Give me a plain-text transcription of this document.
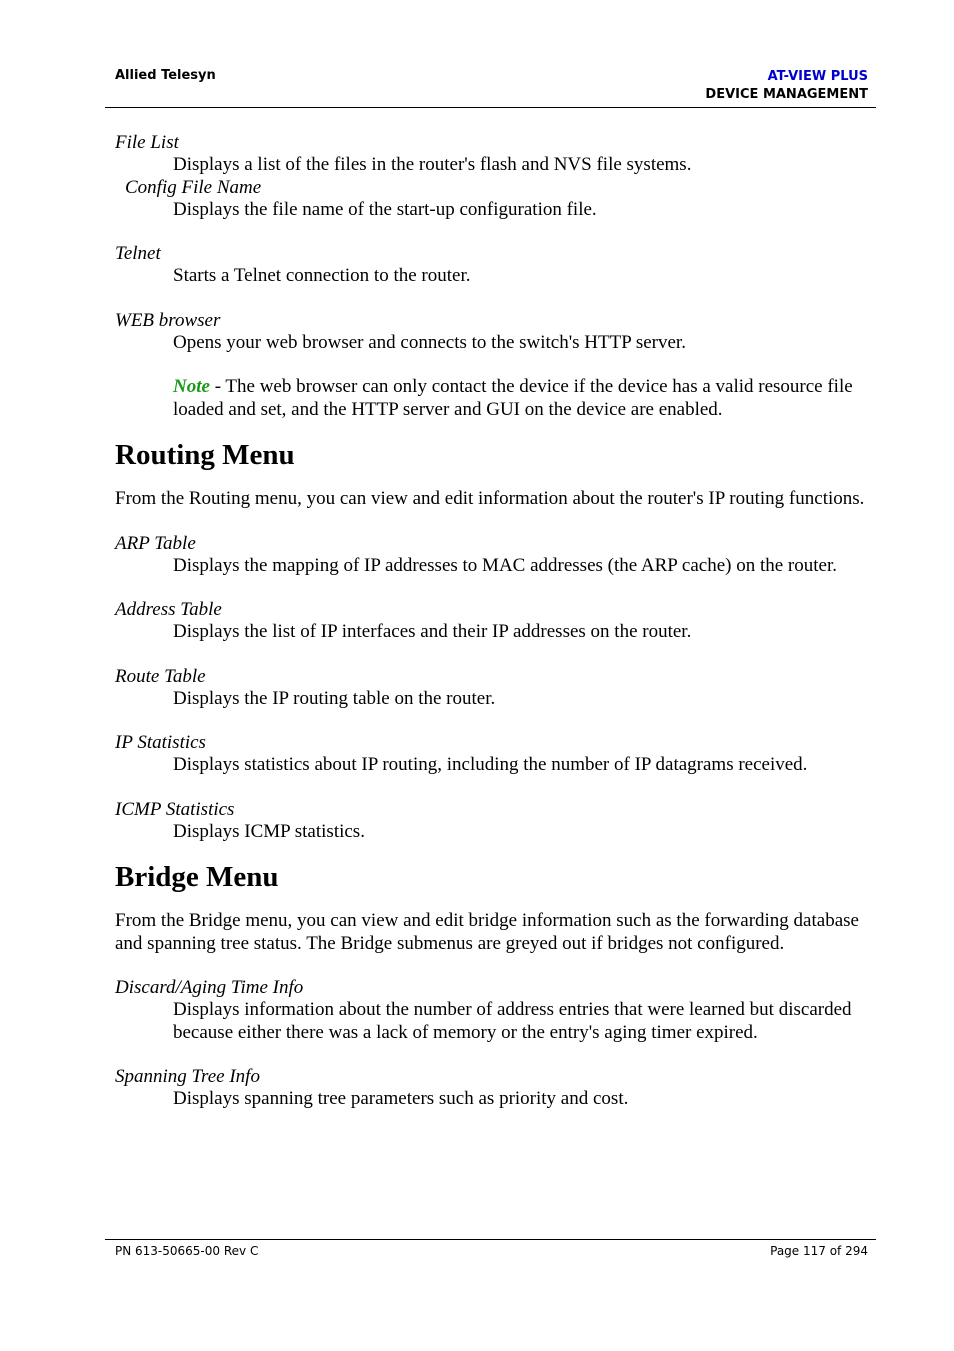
Allied Telesyn	AT-VIEW PLUS
DEVICE MANAGEMENT

File List

Displays a list of the files in the router's flash and NVS file systems.

Config File Name

Displays the file name of the start-up configuration file.

Telnet

Starts a Telnet connection to the router.

WEB browser

Opens your web browser and connects to the switch's HTTP server.

Note - The web browser can only contact the device if the device has a valid resource file loaded and set, and the HTTP server and GUI on the device are enabled.

Routing Menu

From the Routing menu, you can view and edit information about the router's IP routing functions.

ARP Table

Displays the mapping of IP addresses to MAC addresses (the ARP cache) on the router.

Address Table

Displays the list of IP interfaces and their IP addresses on the router.

Route Table

Displays the IP routing table on the router.

IP Statistics

Displays statistics about IP routing, including the number of IP datagrams received.

ICMP Statistics

Displays ICMP statistics.

Bridge Menu

From the Bridge menu, you can view and edit bridge information such as the forwarding database and spanning tree status. The Bridge submenus are greyed out if bridges not configured.

Discard/Aging Time Info

Displays information about the number of address entries that were learned but discarded because either there was a lack of memory or the entry's aging timer expired.

Spanning Tree Info

Displays spanning tree parameters such as priority and cost.

PN 613-50665-00 Rev C	Page 117 of 294
